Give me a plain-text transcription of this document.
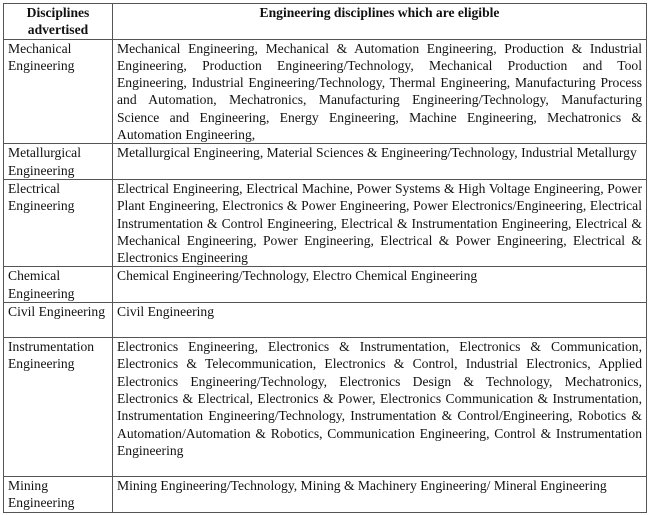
Disciplines advertised	Engineering disciplines which are eligible
Mechanical Engineering	Mechanical Engineering, Mechanical & Automation Engineering, Production & Industrial Engineering, Production Engineering/Technology, Mechanical Production and Tool Engineering, Industrial Engineering/Technology, Thermal Engineering, Manufacturing Process and Automation, Mechatronics, Manufacturing Engineering/Technology, Manufacturing Science and Engineering, Energy Engineering, Machine Engineering, Mechatronics & Automation Engineering,
Metallurgical Engineering	Metallurgical Engineering, Material Sciences & Engineering/Technology, Industrial Metallurgy
Electrical Engineering	Electrical Engineering, Electrical Machine, Power Systems & High Voltage Engineering, Power Plant Engineering, Electronics & Power Engineering, Power Electronics/Engineering, Electrical Instrumentation & Control Engineering, Electrical & Instrumentation Engineering, Electrical & Mechanical Engineering, Power Engineering, Electrical & Power Engineering, Electrical & Electronics Engineering
Chemical Engineering	Chemical Engineering/Technology, Electro Chemical Engineering
Civil Engineering	Civil Engineering
Instrumentation Engineering	Electronics Engineering, Electronics & Instrumentation, Electronics & Communication, Electronics & Telecommunication, Electronics & Control, Industrial Electronics, Applied Electronics Engineering/Technology, Electronics Design & Technology, Mechatronics, Electronics & Electrical, Electronics & Power, Electronics Communication & Instrumentation, Instrumentation Engineering/Technology, Instrumentation & Control/Engineering, Robotics & Automation/Automation & Robotics, Communication Engineering, Control & Instrumentation Engineering
Mining Engineering	Mining Engineering/Technology, Mining & Machinery Engineering/ Mineral Engineering
